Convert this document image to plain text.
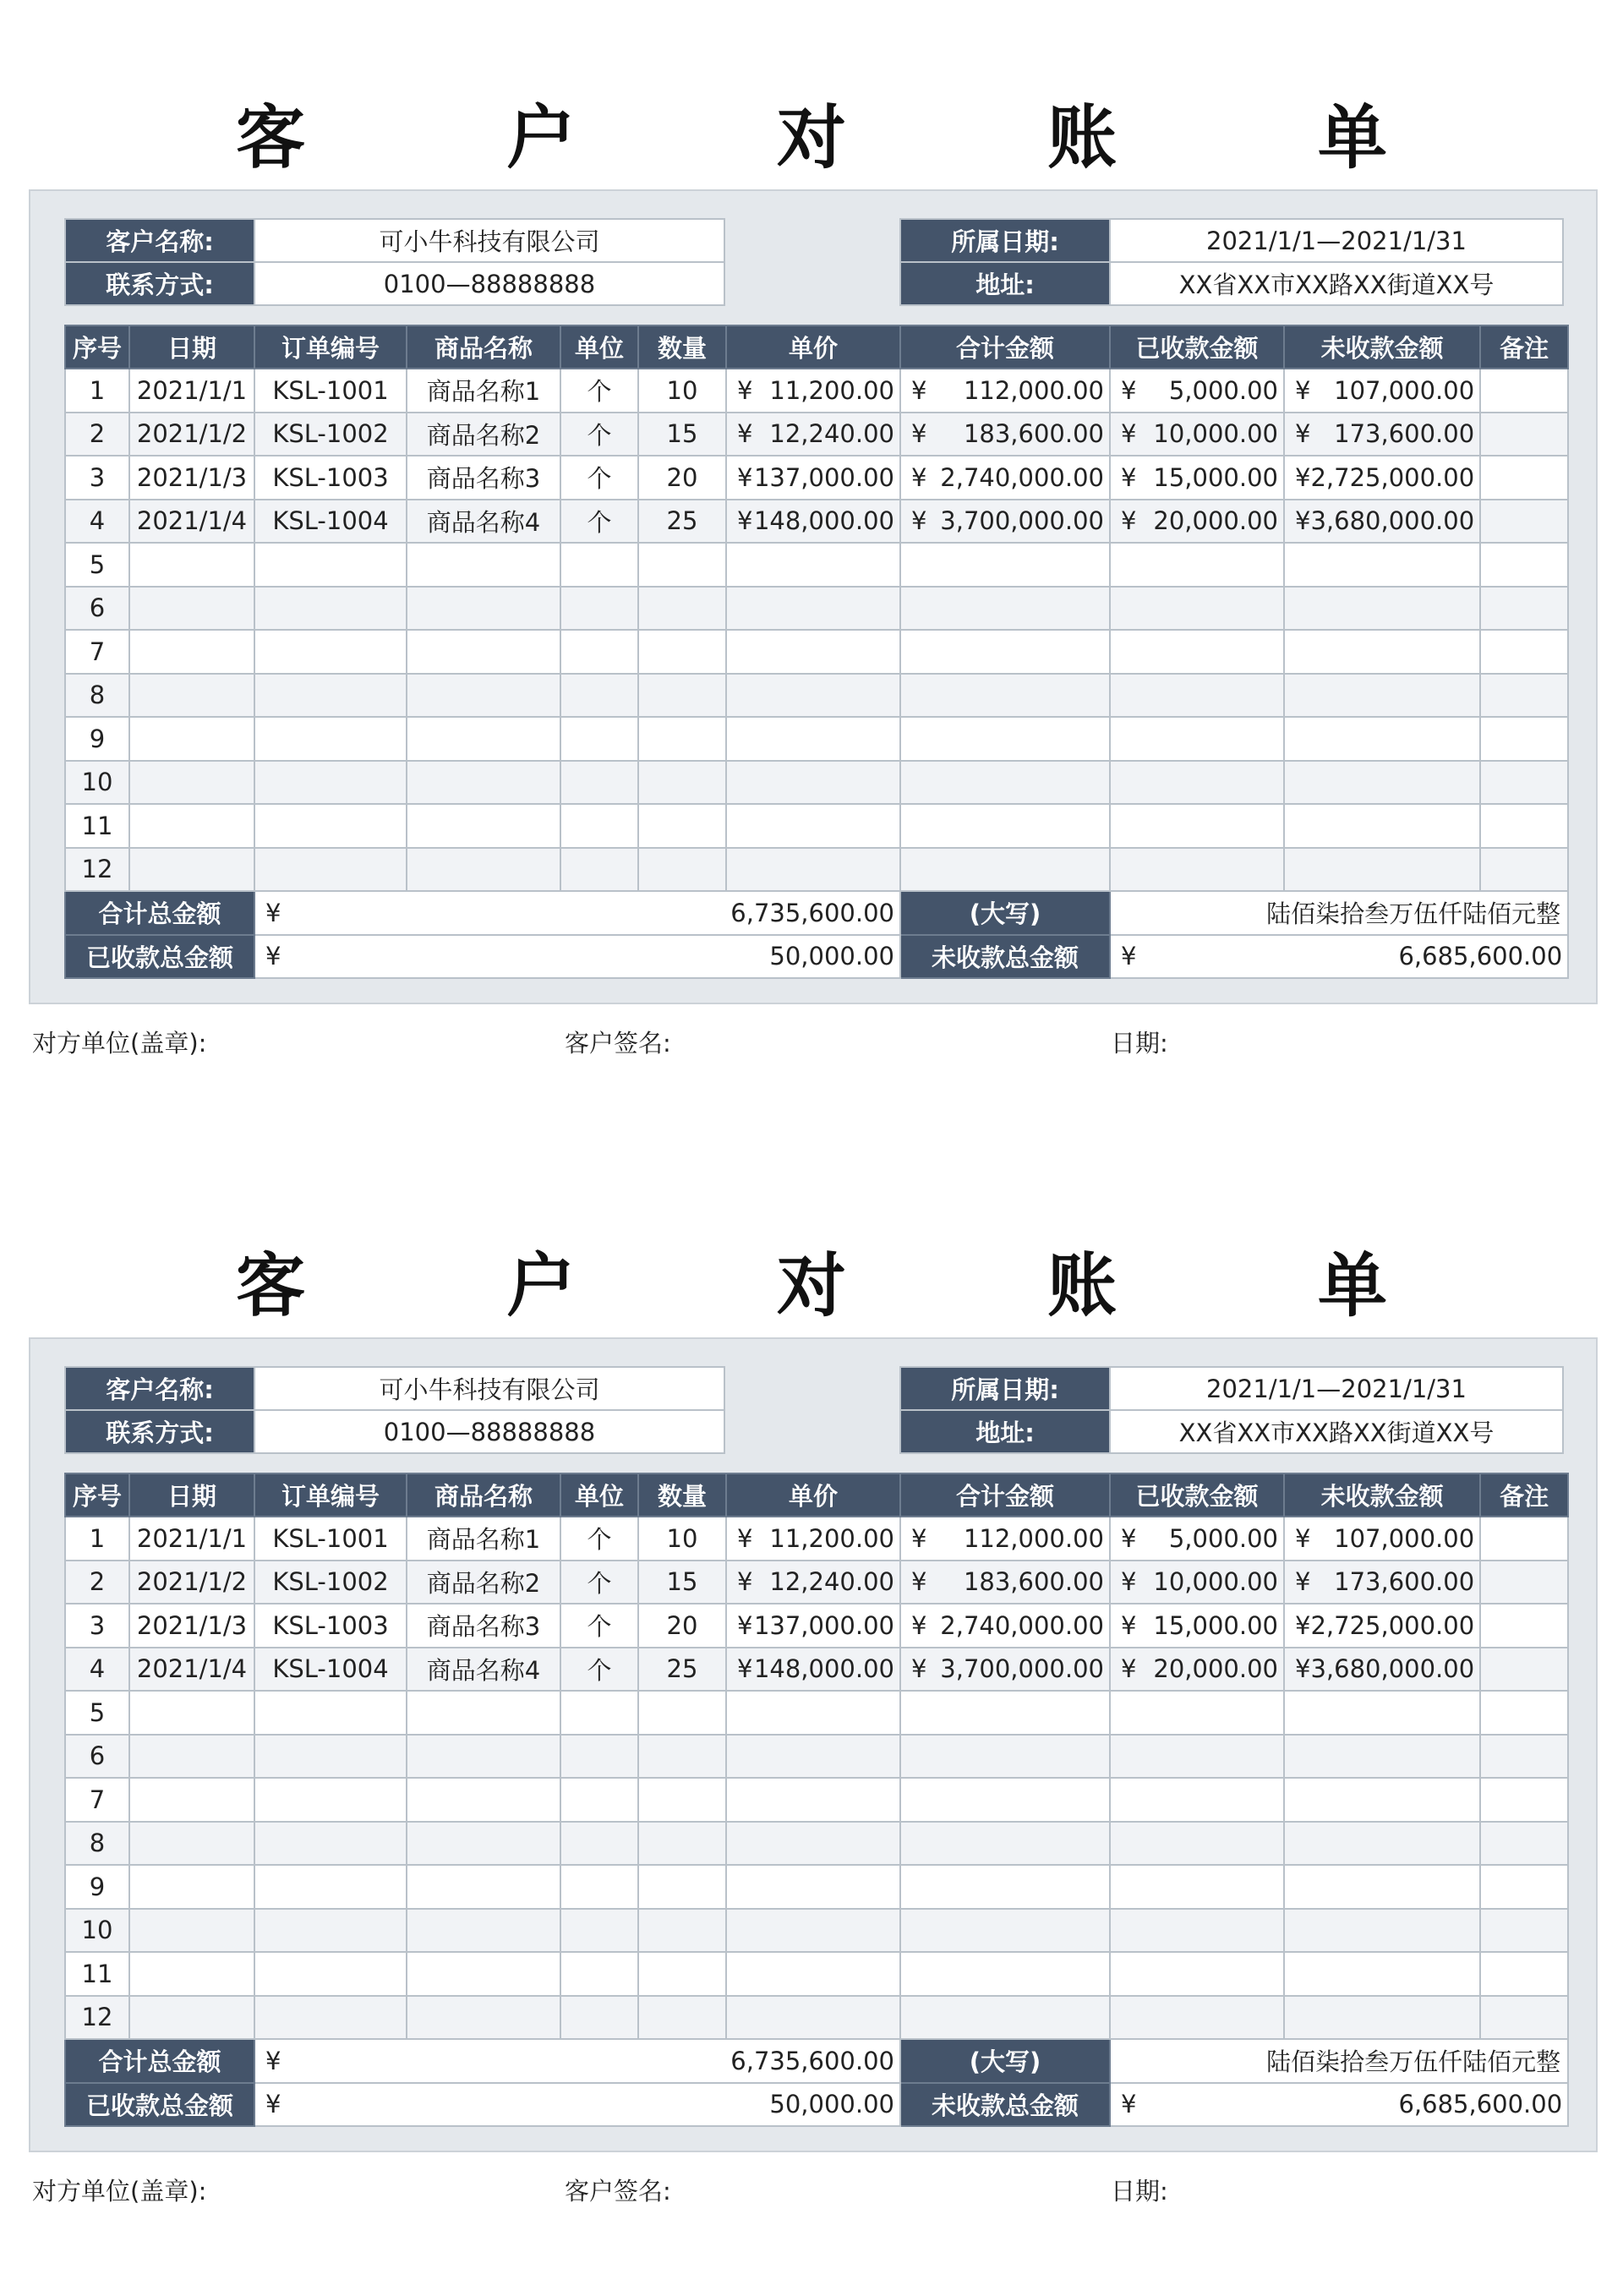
客	户	对	账	单
客户名称:	可小牛科技有限公司
联系方式:	0100—88888888
所属日期:	2021/1/1—2021/1/31
地址:	XX省XX市XX路XX街道XX号
序号	日期	订单编号	商品名称	单位	数量	单价	合计金额	已收款金额	未收款金额	备注
1	2021/1/1	KSL-1001	商品名称1	个	10	¥ 11,200.00	¥ 112,000.00	¥ 5,000.00	¥ 107,000.00	

2	2021/1/2	KSL-1002	商品名称2	个	15	¥ 12,240.00	¥ 183,600.00	¥ 10,000.00	¥ 173,600.00	

3	2021/1/3	KSL-1003	商品名称3	个	20	¥ 137,000.00	¥ 2,740,000.00	¥ 15,000.00	¥ 2,725,000.00	

4	2021/1/4	KSL-1004	商品名称4	个	25	¥ 148,000.00	¥ 3,700,000.00	¥ 20,000.00	¥ 3,680,000.00	

5										
6										
7										
8										
9										
10										
11										
12										
合计总金额		¥ 6,735,600.00					(大写)	陆佰柒拾叁万伍仟陆佰元整		
已收款总金额		¥ 50,000.00					未收款总金额	¥ 6,685,600.00		
对方单位(盖章):	客户签名:	日期:
客	户	对	账	单
客户名称:	可小牛科技有限公司
联系方式:	0100—88888888
所属日期:	2021/1/1—2021/1/31
地址:	XX省XX市XX路XX街道XX号
序号	日期	订单编号	商品名称	单位	数量	单价	合计金额	已收款金额	未收款金额	备注
1	2021/1/1	KSL-1001	商品名称1	个	10	¥ 11,200.00	¥ 112,000.00	¥ 5,000.00	¥ 107,000.00	

2	2021/1/2	KSL-1002	商品名称2	个	15	¥ 12,240.00	¥ 183,600.00	¥ 10,000.00	¥ 173,600.00	

3	2021/1/3	KSL-1003	商品名称3	个	20	¥ 137,000.00	¥ 2,740,000.00	¥ 15,000.00	¥ 2,725,000.00	

4	2021/1/4	KSL-1004	商品名称4	个	25	¥ 148,000.00	¥ 3,700,000.00	¥ 20,000.00	¥ 3,680,000.00	

5										
6										
7										
8										
9										
10										
11										
12										
合计总金额		¥ 6,735,600.00					(大写)	陆佰柒拾叁万伍仟陆佰元整		
已收款总金额		¥ 50,000.00					未收款总金额	¥ 6,685,600.00		
对方单位(盖章):	客户签名:	日期:
